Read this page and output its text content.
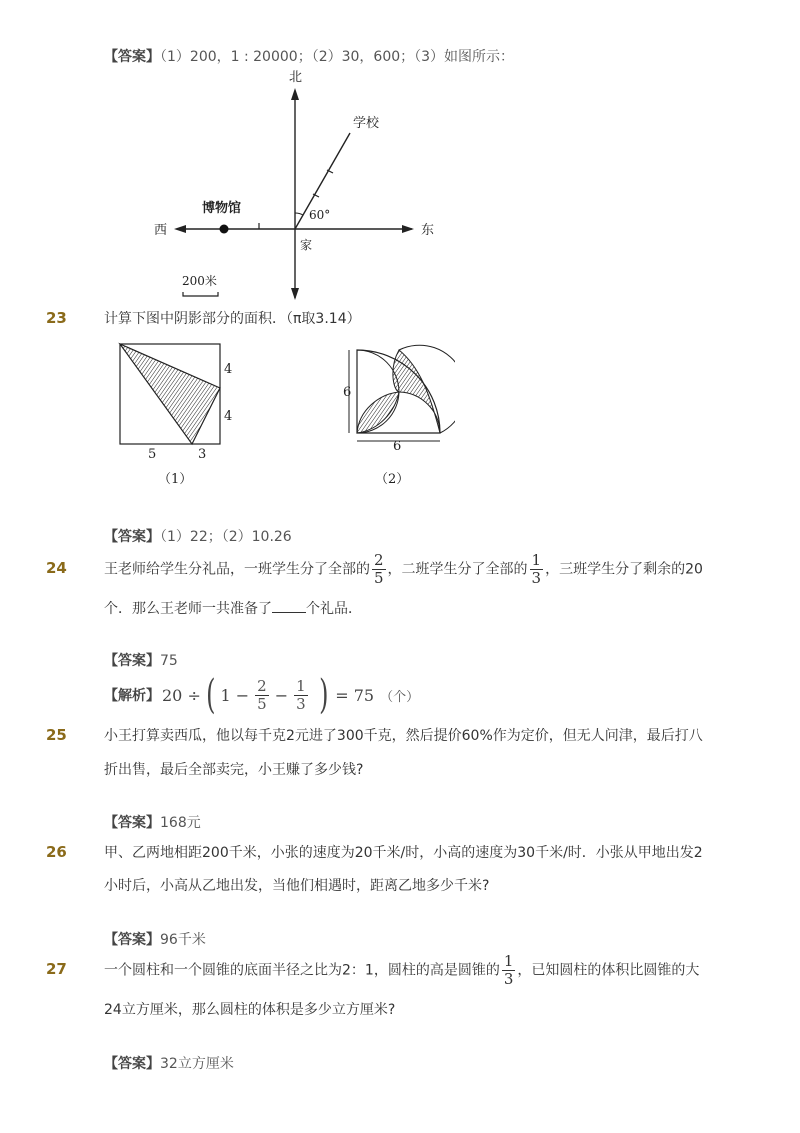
【答案】（1）200，1 : 20000；（2）30，600；（3）如图所示：
北
家
东
西
学校
博物馆	60°
200米
23	计算下图中阴影部分的面积．（π取3.14）
4
4
5	3
（1）
6
6
（2）
【答案】（1）22；（2）10.26
24	王老师给学生分礼品，一班学生分了全部的 $\frac{2}{5}$ ，二班学生分了全部的 $\frac{1}{3}$ ，三班学生分了剩余的20
个．那么王老师一共准备了 个礼品．
【答案】75
【解析】 20 ÷ ( $1 - \frac{2}{5} - \frac{1}{3}$ ) = 75 （个）
25	小王打算卖西瓜，他以每千克2元进了300千克，然后提价60%作为定价，但无人问津，最后打八
折出售，最后全部卖完，小王赚了多少钱?
【答案】168元
26	甲、乙两地相距200千米，小张的速度为20千米/时，小高的速度为30千米/时．小张从甲地出发2
小时后，小高从乙地出发，当他们相遇时，距离乙地多少千米?
【答案】96千米
27	一个圆柱和一个圆锥的底面半径之比为2：1，圆柱的高是圆锥的 $\frac{1}{3}$ ，已知圆柱的体积比圆锥的大
24立方厘米，那么圆柱的体积是多少立方厘米?
【答案】32立方厘米
